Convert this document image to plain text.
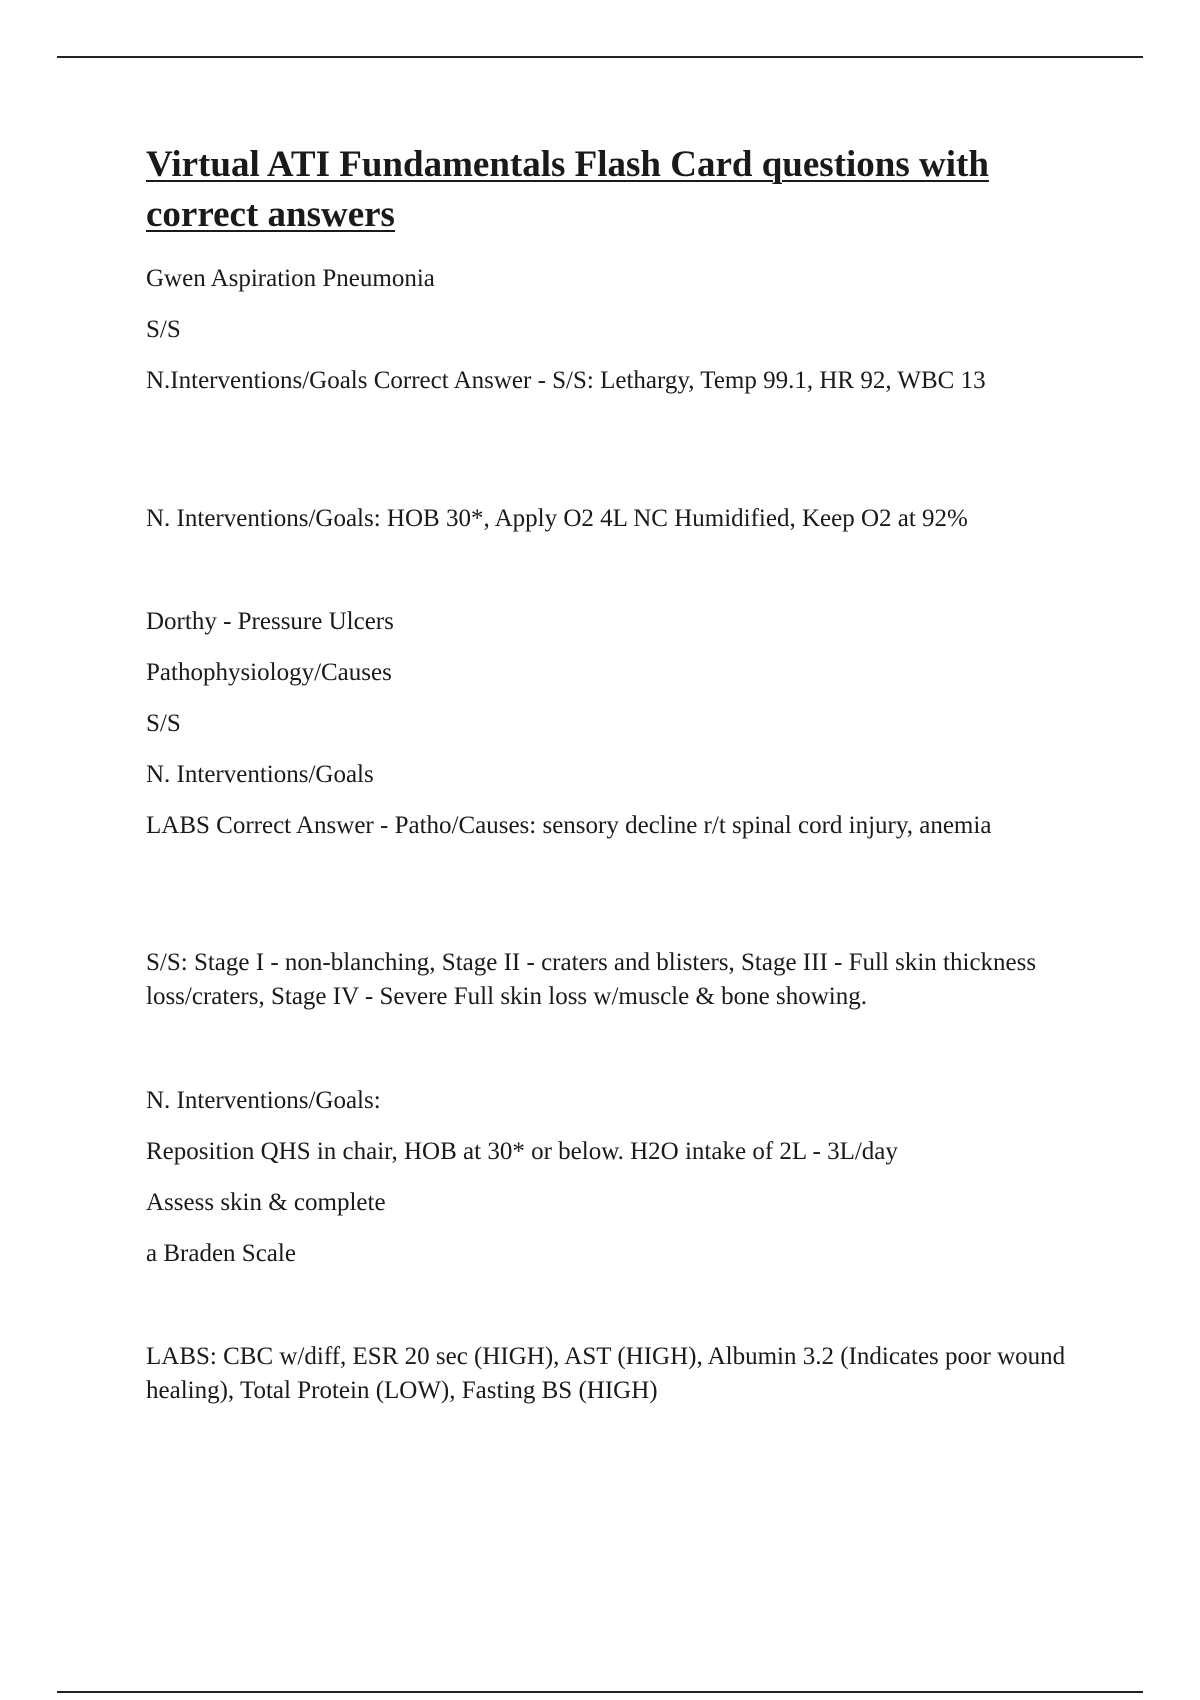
Virtual ATI Fundamentals Flash Card questions with correct answers

Gwen Aspiration Pneumonia

S/S

N.Interventions/Goals Correct Answer - S/S: Lethargy, Temp 99.1, HR 92, WBC 13

N. Interventions/Goals: HOB 30*, Apply O2 4L NC Humidified, Keep O2 at 92%

Dorthy - Pressure Ulcers

Pathophysiology/Causes

S/S

N. Interventions/Goals

LABS Correct Answer - Patho/Causes: sensory decline r/t spinal cord injury, anemia

S/S: Stage I - non-blanching, Stage II - craters and blisters, Stage III - Full skin thickness loss/craters, Stage IV - Severe Full skin loss w/muscle & bone showing.

N. Interventions/Goals:

Reposition QHS in chair, HOB at 30* or below. H2O intake of 2L - 3L/day

Assess skin & complete

a Braden Scale

LABS: CBC w/diff, ESR 20 sec (HIGH), AST (HIGH), Albumin 3.2 (Indicates poor wound healing), Total Protein (LOW), Fasting BS (HIGH)
